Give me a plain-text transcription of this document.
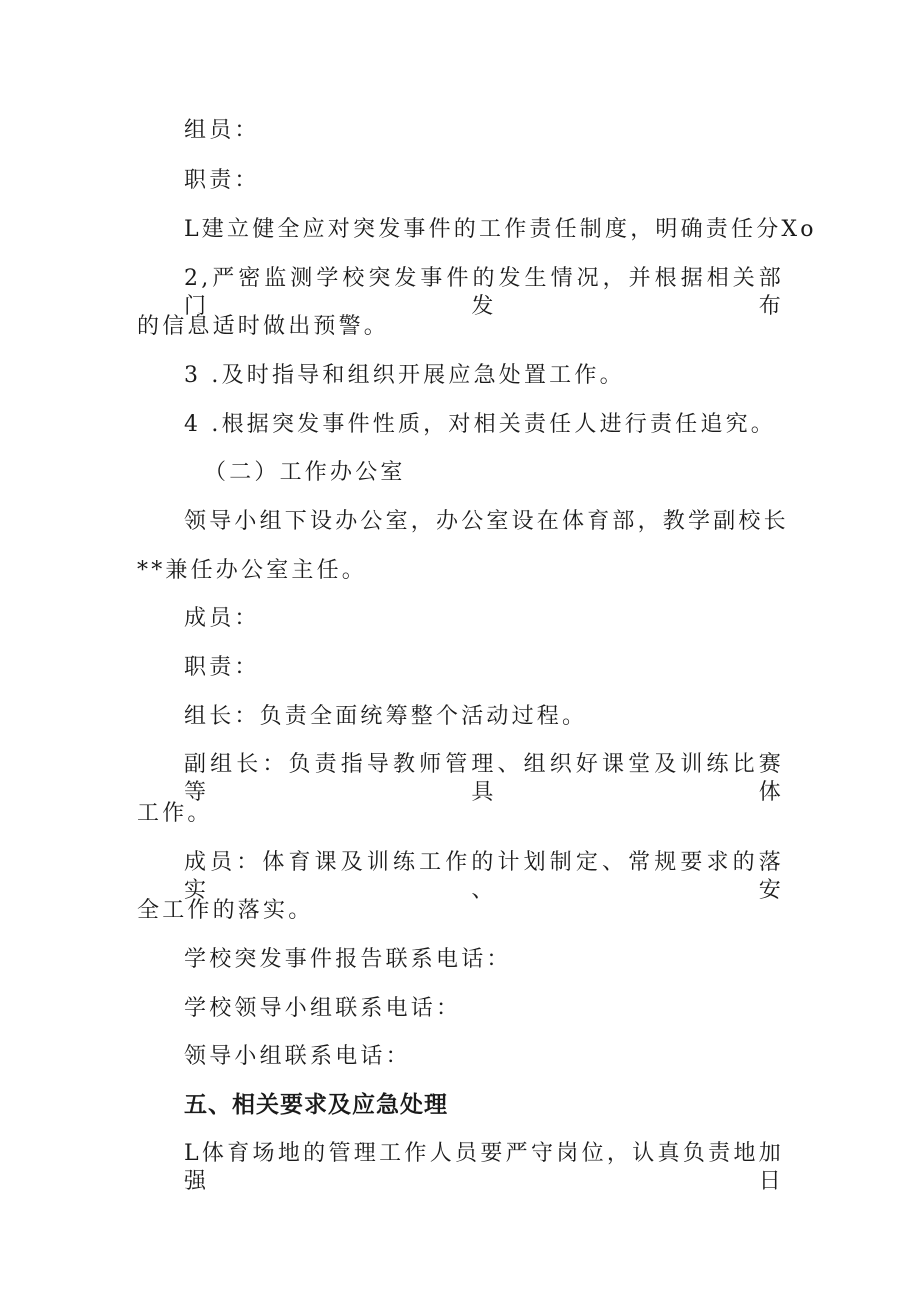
组员：
职责：
L建立健全应对突发事件的工作责任制度，明确责任分Xo
2,严密监测学校突发事件的发生情况，并根据相关部门发布
的信息适时做出预警。
3 .及时指导和组织开展应急处置工作。
4 .根据突发事件性质，对相关责任人进行责任追究。
（二）工作办公室
领导小组下设办公室，办公室设在体育部，教学副校长
**兼任办公室主任。
成员：
职责：
组长：负责全面统筹整个活动过程。
副组长：负责指导教师管理、组织好课堂及训练比赛等具体
工作。
成员：体育课及训练工作的计划制定、常规要求的落实、安
全工作的落实。
学校突发事件报告联系电话：
学校领导小组联系电话：
领导小组联系电话：
五、相关要求及应急处理
L体育场地的管理工作人员要严守岗位，认真负责地加强日
